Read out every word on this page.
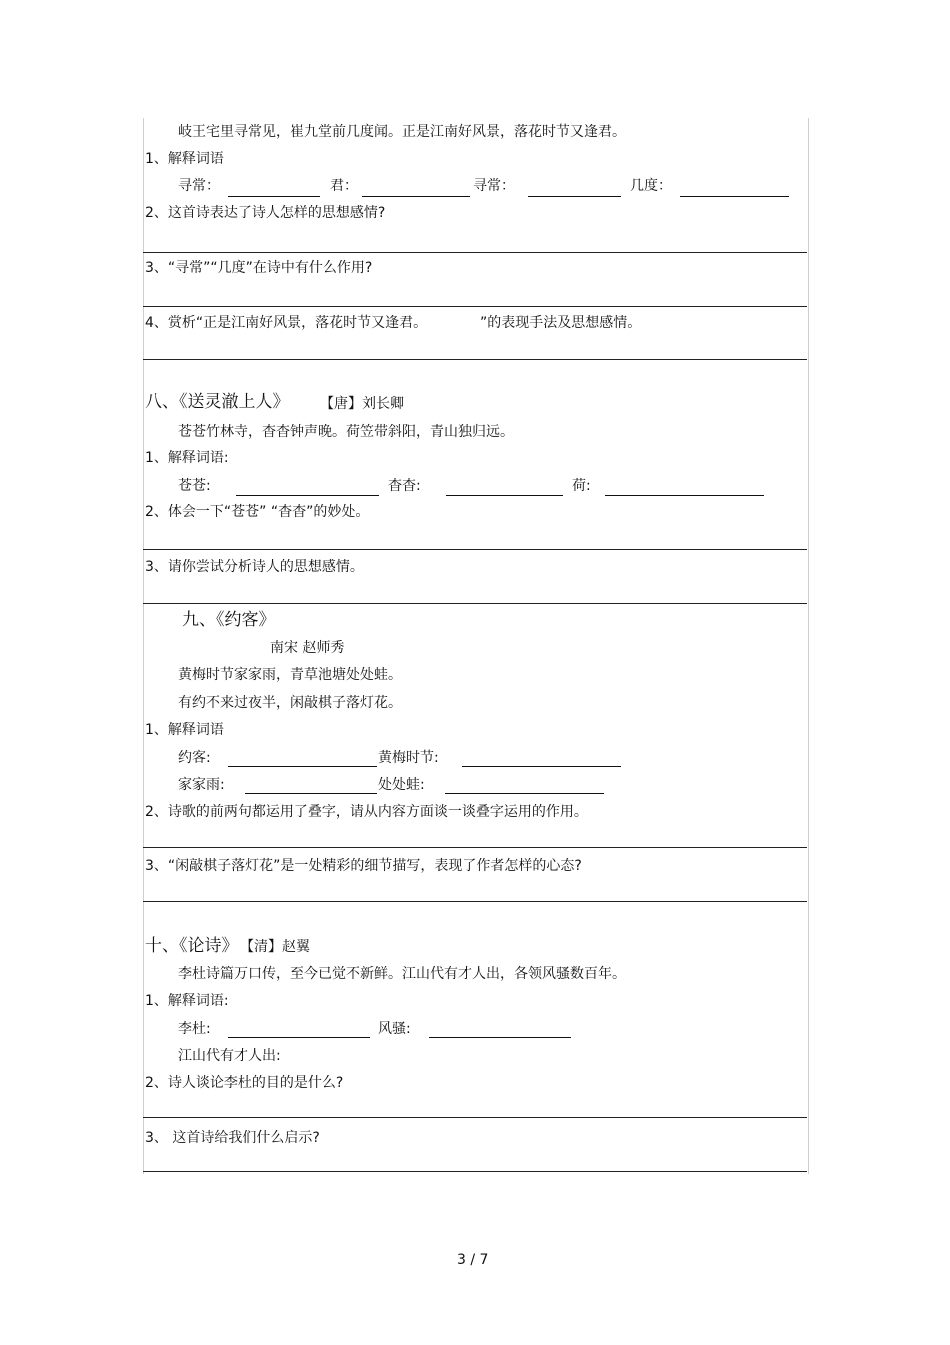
岐王宅里寻常见，崔九堂前几度闻。正是江南好风景，落花时节又逢君。
1、解释词语
寻常：	君：	寻常：	几度：
2、这首诗表达了诗人怎样的思想感情?
3、“寻常”“几度”在诗中有什么作用?
4、赏析“正是江南好风景，落花时节又逢君。	”的表现手法及思想感情。
八、《送灵澈上人》 【唐】刘长卿
苍苍竹林寺，杳杳钟声晚。荷笠带斜阳，青山独归远。
1、解释词语:
苍苍:	杳杳:	荷:
2、体会一下“苍苍” “杳杳”的妙处。
3、请你尝试分析诗人的思想感情。
九、《约客》
南宋 赵师秀
黄梅时节家家雨，青草池塘处处蛙。
有约不来过夜半，闲敲棋子落灯花。
1、解释词语
约客:	黄梅时节:
家家雨:	处处蛙:
2、诗歌的前两句都运用了叠字，请从内容方面谈一谈叠字运用的作用。
3、“闲敲棋子落灯花”是一处精彩的细节描写，表现了作者怎样的心态?
十、《论诗》 【清】赵翼
李杜诗篇万口传，至今已觉不新鲜。江山代有才人出，各领风骚数百年。
1、解释词语:
李杜:	风骚:
江山代有才人出:
2、诗人谈论李杜的目的是什么?
3、 这首诗给我们什么启示?
3 / 7
